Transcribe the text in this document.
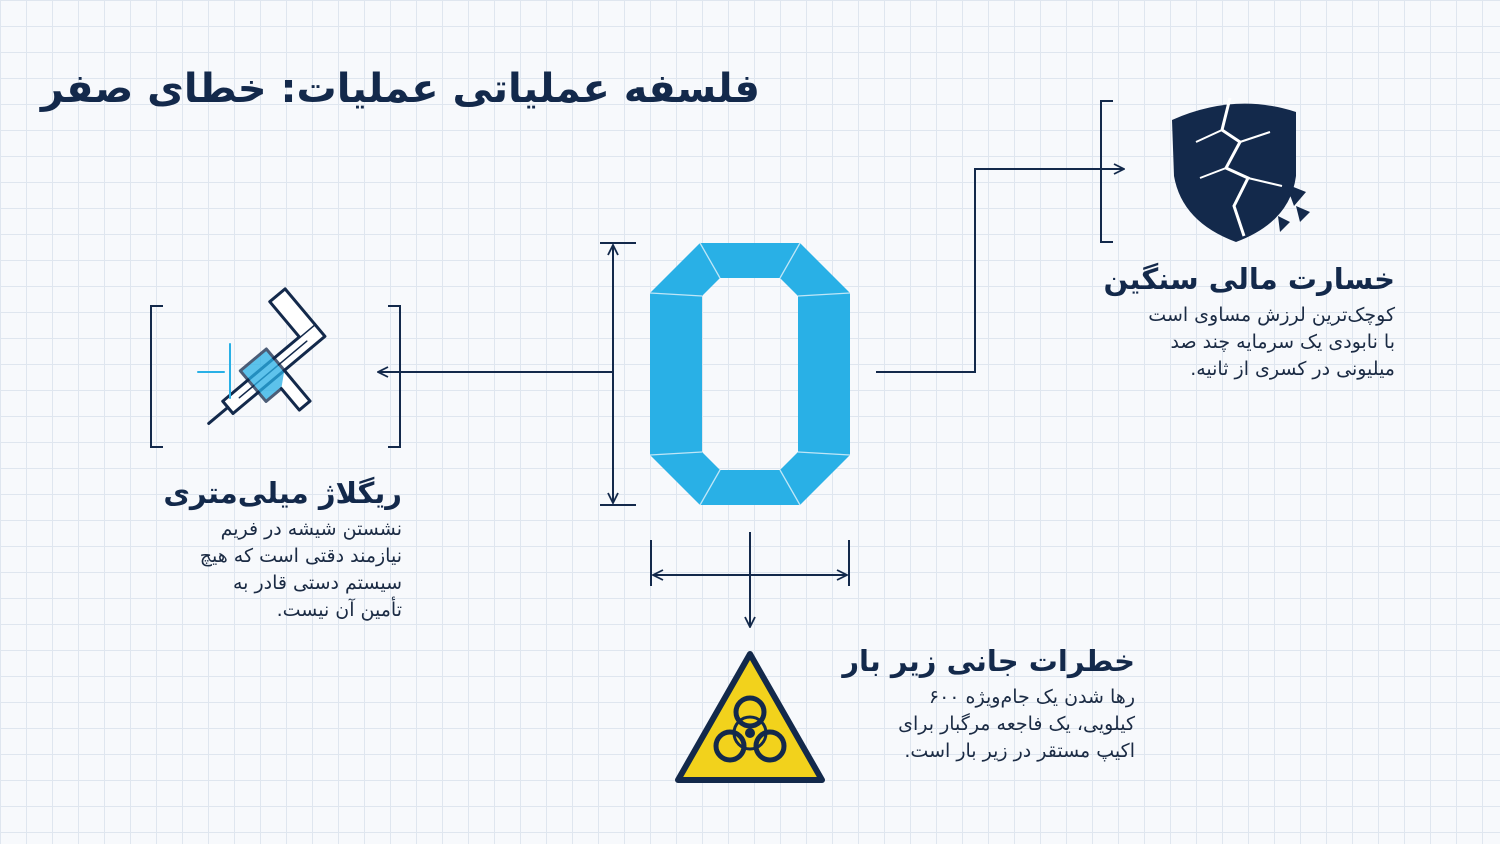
فلسفه عملیاتی عملیات: خطای صفر
ریگلاژ میلی‌متری
نشستن شیشه در فریم
نیازمند دقتی است که هیچ
سیستم دستی قادر به
تأمین آن نیست.
خسارت مالی سنگین
کوچک‌ترین لرزش مساوی است
با نابودی یک سرمایه چند صد
میلیونی در کسری از ثانیه.
خطرات جانی زیر بار
رها شدن یک جام‌ویژه ۶۰۰
کیلویی، یک فاجعه مرگبار برای
اکیپ مستقر در زیر بار است.
